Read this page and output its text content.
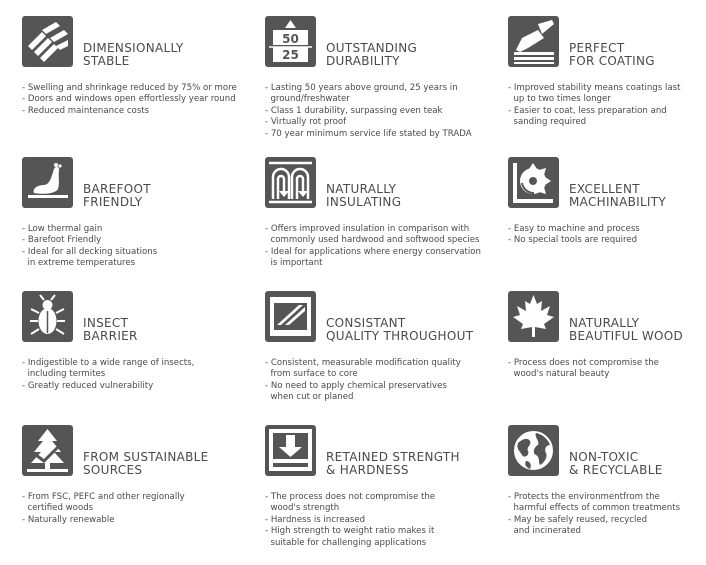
DIMENSIONALLY
STABLE
- Swelling and shrinkage reduced by 75% or more
- Doors and windows open effortlessly year round
- Reduced maintenance costs
50
25 OUTSTANDING
DURABILITY
- Lasting 50 years above ground, 25 years in
ground/freshwater
- Class 1 durability, surpassing even teak
- Virtually rot proof
- 70 year minimum service life stated by TRADA
PERFECT
FOR COATING
- Improved stability means coatings last
up to two times longer
- Easier to coat, less preparation and
sanding required
BAREFOOT
FRIENDLY
- Low thermal gain
- Barefoot Friendly
- Ideal for all decking situations
in extreme temperatures
NATURALLY
INSULATING
- Offers improved insulation in comparison with
commonly used hardwood and softwood species
- Ideal for applications where energy conservation
is important
EXCELLENT
MACHINABILITY
- Easy to machine and process
- No special tools are required
INSECT
BARRIER
- Indigestible to a wide range of insects,
including termites
- Greatly reduced vulnerability
CONSISTANT
QUALITY THROUGHOUT
- Consistent, measurable modification quality
from surface to core
- No need to apply chemical preservatives
when cut or planed
NATURALLY
BEAUTIFUL WOOD
- Process does not compromise the
wood's natural beauty
FROM SUSTAINABLE
SOURCES
- From FSC, PEFC and other regionally
certified woods
- Naturally renewable
RETAINED STRENGTH
& HARDNESS
- The process does not compromise the
wood's strength
- Hardness is increased
- High strength to weight ratio makes it
suitable for challenging applications
NON-TOXIC
& RECYCLABLE
- Protects the environmentfrom the
harmful effects of common treatments
- May be safely reused, recycled
and incinerated
